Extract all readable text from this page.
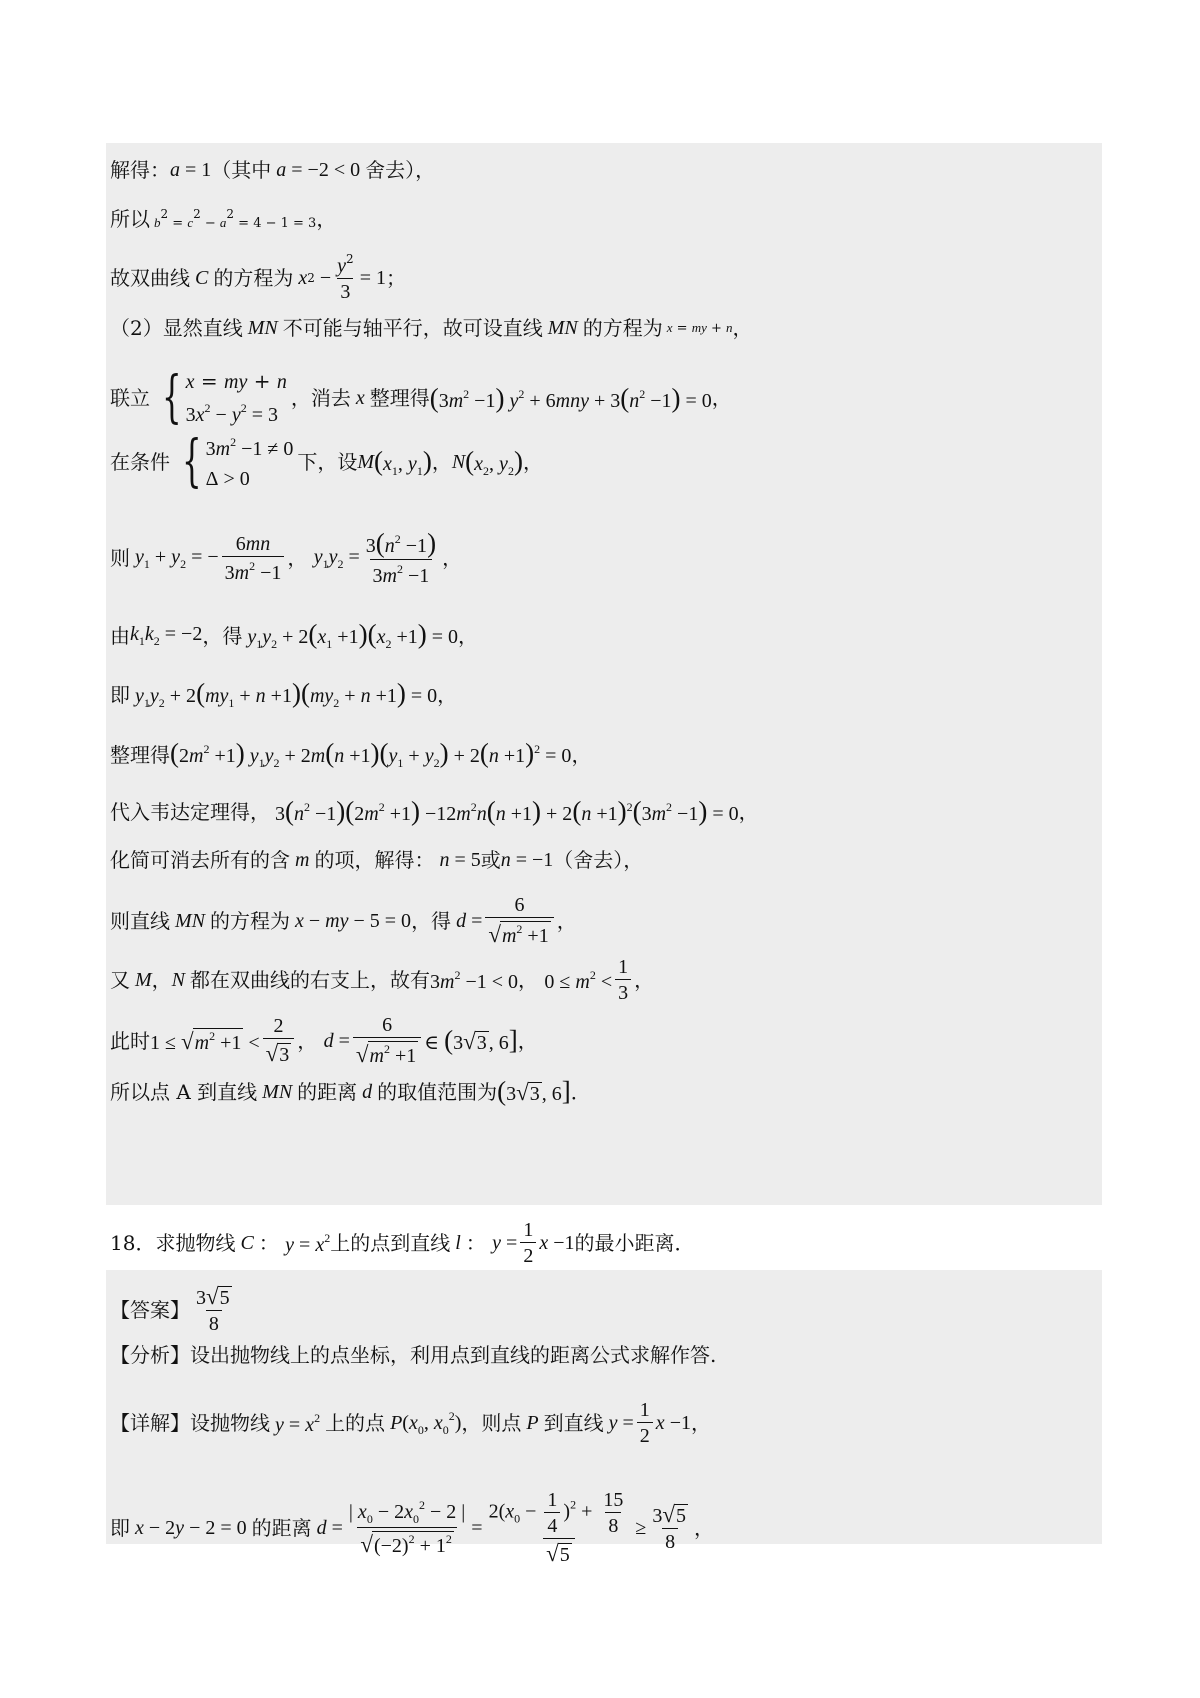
解得： a = 1 （其中 a = −2 < 0 舍去），
所以 $b^2 = c^2 - a^2 = 4 - 1 = 3$ ，
故双曲线 C 的方程为 x $2 - \frac{y^2}{3} = 1$ ；
（2）显然直线 MN 不可能与轴平行，故可设直线 MN 的方程为 x = my + n ，
联立 { x = my + n
$3x^2 - y^2 = 3$
，消去 x 整理得 $(3m^2 -1) y^2 + 6mny + 3(n^2 -1) = 0$ ，
在条件 { $3m^2 -1 \ne 0$
Δ > 0
下，设 M ($x_1$, $y_1$) ， N ($x_2$, $y_2$) ，
则 $y_1 + y_2$ = − $\frac{6mn}{3m^2 -1}$ ， $y_1y_2 = \frac{3(n^2 -1)}{3m^2 -1}$ ，
由 $k_1k_2 = -2$ ，得 $y_1y_2 + 2(x_1 +1)(x_2 +1) = 0$ ，
即 $y_1y_2 + 2(my_1 + n +1)(my_2 + n +1) = 0$ ，
整理得 $(2m^2 +1) y_1y_2 + 2m(n +1)(y_1 + y_2) + 2(n +1)^2 = 0$ ，
代入韦达定理得， $3(n^2 -1)(2m^2 +1) -12m^2n(n +1) + 2(n +1)^2(3m^2 -1) = 0$ ，
化简可消去所有的含 m 的项，解得： n = 5 或 n = −1 （舍去），
则直线 MN 的方程为 x − my − 5 = 0 ，得 $d = \frac{6}{√ m^2 +1}$ ，
又 M ， N 都在双曲线的右支上，故有 $3m^2 -1 < 0$ ， $0 \le m^2 < \frac{1}{3}$ ，
此时 1 ≤ √ $m^2 +1 < \frac{2}{√ 3}$ ， $d = \frac{6}{√ m^2 +1}$ ∈ (3 √ 3 , 6] ，
所以点 A 到直线 MN 的距离 d 的取值范围为 (3 √ 3 , 6] ．
18．求抛物线 C ： $y = x^2$ 上的点到直线 l ： $y = \frac{1}{2}$ x −1 的最小距离．
【答案】 $\frac{3 √ 5}{8}$
【分析】设出抛物线上的点坐标，利用点到直线的距离公式求解作答.
【详解】设抛物线 $y = x^2$ 上的点 $P(x_0$, $x_0^2$) ，则点 P 到直线 $y = \frac{1}{2}$ x −1 ，
即 x − 2y − 2 = 0 的距离 $d = \frac{| x_0 - 2x_0^2 - 2 |}{√ (-2)^2 + 1^2} = \frac{2(x_0 - \frac{1}{4} )^2 + \frac{15}{8}}{√ 5} \ge \frac{3 √ 5}{8}$ ，
